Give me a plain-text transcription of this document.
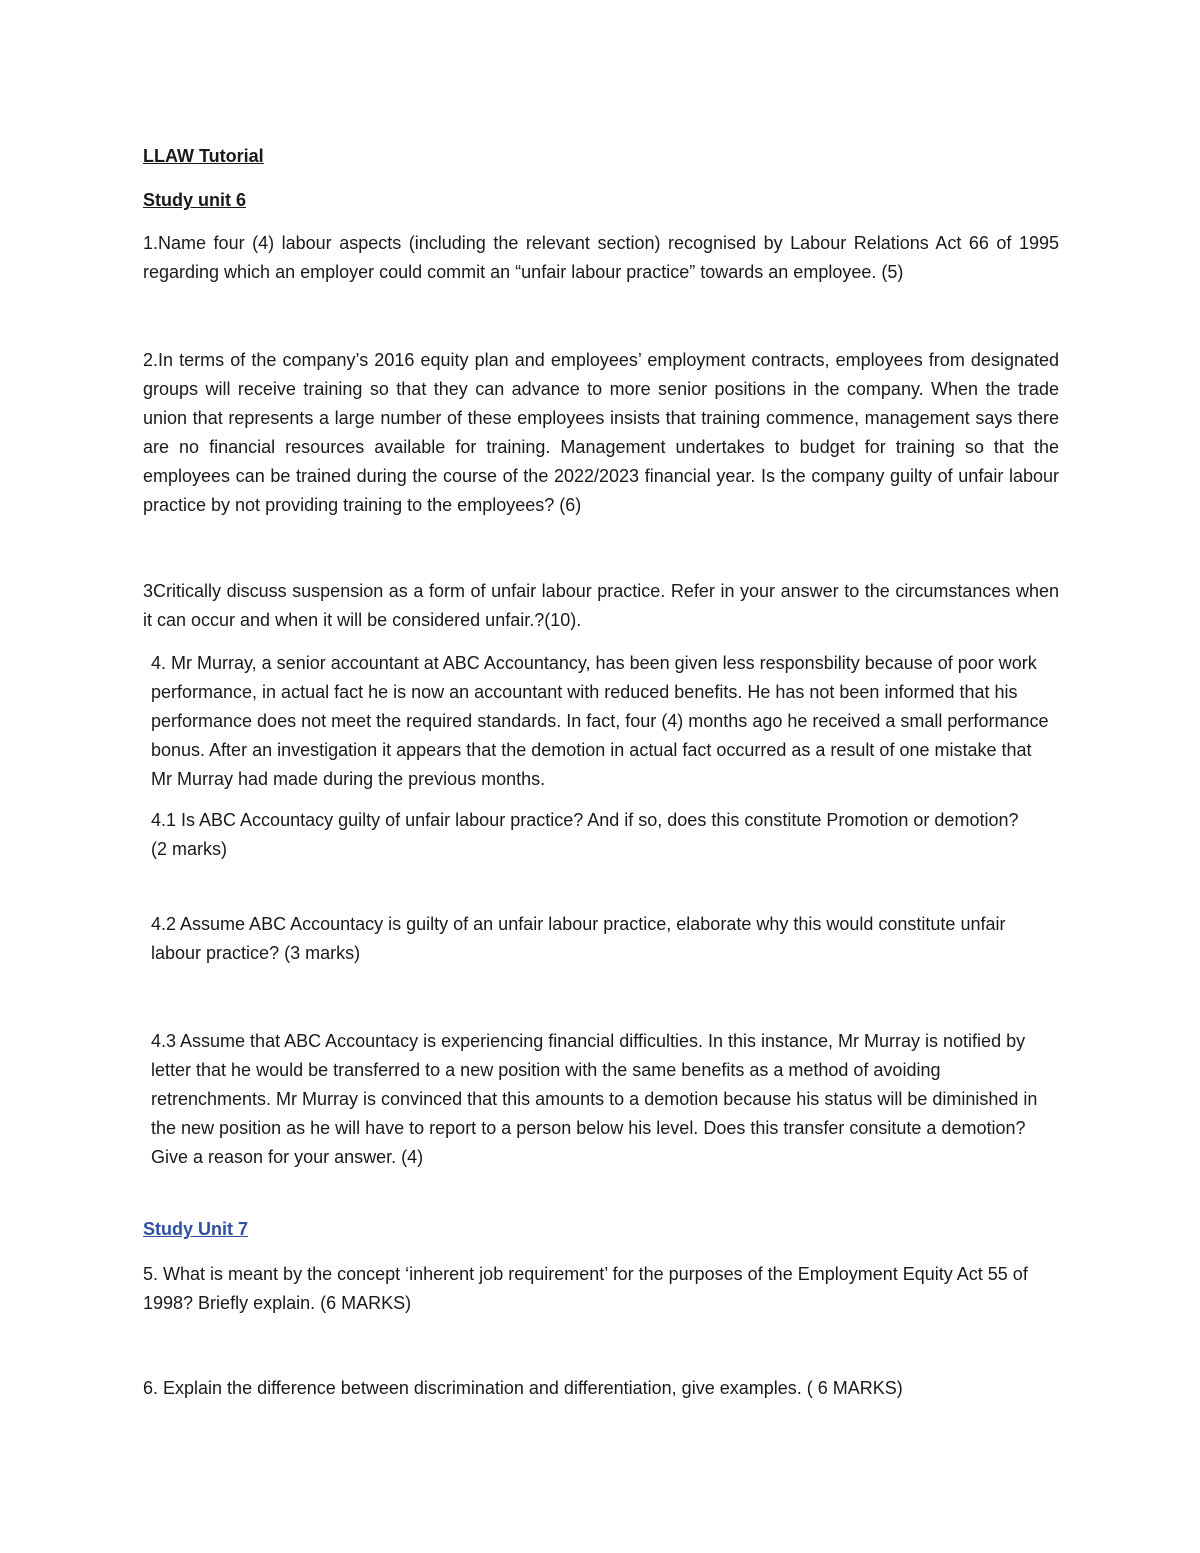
LLAW Tutorial

Study unit 6

1.Name four (4) labour aspects (including the relevant section) recognised by Labour Relations Act 66 of 1995 regarding which an employer could commit an “unfair labour practice” towards an employee. (5)

2.In terms of the company’s 2016 equity plan and employees’ employment contracts, employees from designated groups will receive training so that they can advance to more senior positions in the company. When the trade union that represents a large number of these employees insists that training commence, management says there are no financial resources available for training. Management undertakes to budget for training so that the employees can be trained during the course of the 2022/2023 financial year. Is the company guilty of unfair labour practice by not providing training to the employees? (6)

3Critically discuss suspension as a form of unfair labour practice. Refer in your answer to the circumstances when it can occur and when it will be considered unfair.?(10).

4. Mr Murray, a senior accountant at ABC Accountancy, has been given less responsbility because of poor work performance, in actual fact he is now an accountant with reduced benefits. He has not been informed that his performance does not meet the required standards. In fact, four (4) months ago he received a small performance bonus. After an investigation it appears that the demotion in actual fact occurred as a result of one mistake that Mr Murray had made during the previous months.

4.1 Is ABC Accountacy guilty of unfair labour practice? And if so, does this constitute Promotion or demotion? (2 marks)

4.2 Assume ABC Accountacy is guilty of an unfair labour practice, elaborate why this would constitute unfair labour practice? (3 marks)

4.3 Assume that ABC Accountacy is experiencing financial difficulties. In this instance, Mr Murray is notified by letter that he would be transferred to a new position with the same benefits as a method of avoiding retrenchments. Mr Murray is convinced that this amounts to a demotion because his status will be diminished in the new position as he will have to report to a person below his level. Does this transfer consitute a demotion? Give a reason for your answer. (4)

Study Unit 7

5. What is meant by the concept ‘inherent job requirement’ for the purposes of the Employment Equity Act 55 of 1998? Briefly explain. (6 MARKS)

6. Explain the difference between discrimination and differentiation, give examples. ( 6 MARKS)
